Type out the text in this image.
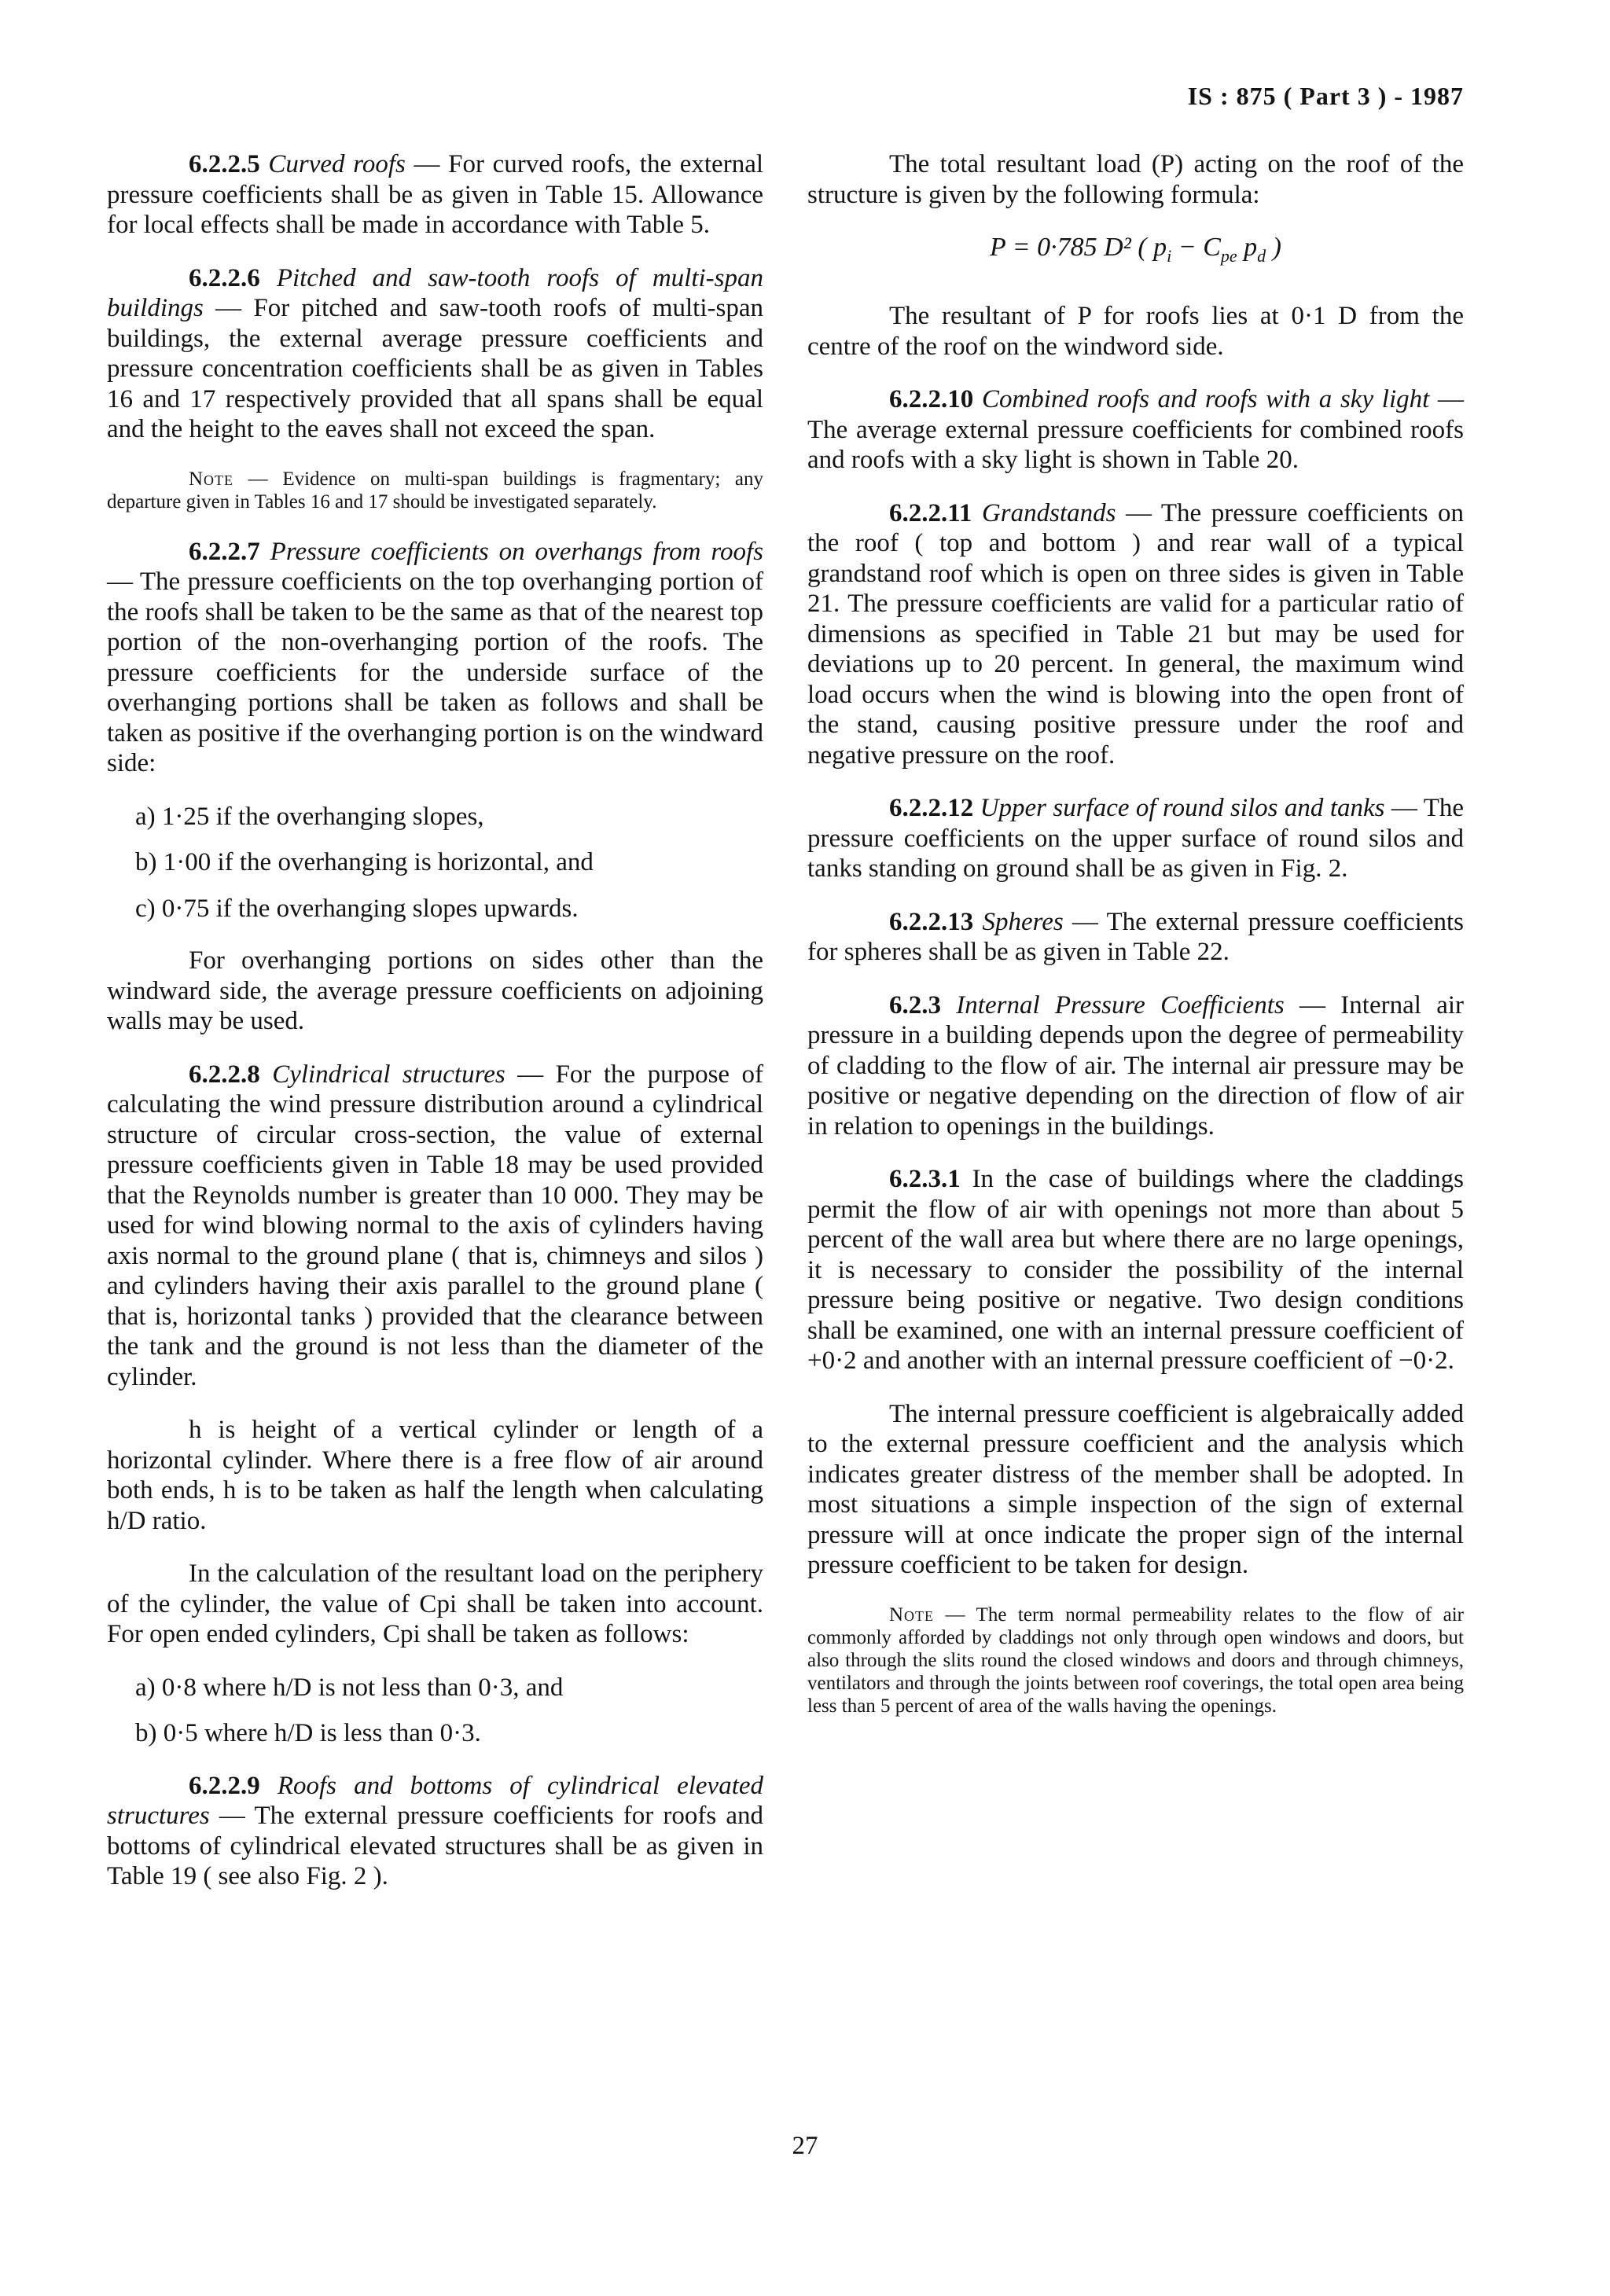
IS : 875 ( Part 3 ) - 1987

6.2.2.5 Curved roofs — For curved roofs, the external pressure coefficients shall be as given in Table 15. Allowance for local effects shall be made in accordance with Table 5.

6.2.2.6 Pitched and saw-tooth roofs of multi-span buildings — For pitched and saw-tooth roofs of multi-span buildings, the external average pressure coefficients and pressure concentration coefficients shall be as given in Tables 16 and 17 respectively provided that all spans shall be equal and the height to the eaves shall not exceed the span.

Note — Evidence on multi-span buildings is fragmentary; any departure given in Tables 16 and 17 should be investigated separately.

6.2.2.7 Pressure coefficients on overhangs from roofs — The pressure coefficients on the top overhanging portion of the roofs shall be taken to be the same as that of the nearest top portion of the non-overhanging portion of the roofs. The pressure coefficients for the underside surface of the overhanging portions shall be taken as follows and shall be taken as positive if the overhanging portion is on the windward side:

a) 1·25 if the overhanging slopes,
b) 1·00 if the overhanging is horizontal, and
c) 0·75 if the overhanging slopes upwards.

For overhanging portions on sides other than the windward side, the average pressure coefficients on adjoining walls may be used.

6.2.2.8 Cylindrical structures — For the purpose of calculating the wind pressure distribution around a cylindrical structure of circular cross-section, the value of external pressure coefficients given in Table 18 may be used provided that the Reynolds number is greater than 10 000. They may be used for wind blowing normal to the axis of cylinders having axis normal to the ground plane ( that is, chimneys and silos ) and cylinders having their axis parallel to the ground plane ( that is, horizontal tanks ) provided that the clearance between the tank and the ground is not less than the diameter of the cylinder.

h is height of a vertical cylinder or length of a horizontal cylinder. Where there is a free flow of air around both ends, h is to be taken as half the length when calculating h/D ratio.

In the calculation of the resultant load on the periphery of the cylinder, the value of Cpi shall be taken into account. For open ended cylinders, Cpi shall be taken as follows:

a) 0·8 where h/D is not less than 0·3, and
b) 0·5 where h/D is less than 0·3.

6.2.2.9 Roofs and bottoms of cylindrical elevated structures — The external pressure coefficients for roofs and bottoms of cylindrical elevated structures shall be as given in Table 19 ( see also Fig. 2 ).

The total resultant load (P) acting on the roof of the structure is given by the following formula:

P = 0·785 D² ( $p_i - C_{pe}$ $p_d$ )

The resultant of P for roofs lies at 0·1 D from the centre of the roof on the windword side.

6.2.2.10 Combined roofs and roofs with a sky light — The average external pressure coefficients for combined roofs and roofs with a sky light is shown in Table 20.

6.2.2.11 Grandstands — The pressure coefficients on the roof ( top and bottom ) and rear wall of a typical grandstand roof which is open on three sides is given in Table 21. The pressure coefficients are valid for a particular ratio of dimensions as specified in Table 21 but may be used for deviations up to 20 percent. In general, the maximum wind load occurs when the wind is blowing into the open front of the stand, causing positive pressure under the roof and negative pressure on the roof.

6.2.2.12 Upper surface of round silos and tanks — The pressure coefficients on the upper surface of round silos and tanks standing on ground shall be as given in Fig. 2.

6.2.2.13 Spheres — The external pressure coefficients for spheres shall be as given in Table 22.

6.2.3 Internal Pressure Coefficients — Internal air pressure in a building depends upon the degree of permeability of cladding to the flow of air. The internal air pressure may be positive or negative depending on the direction of flow of air in relation to openings in the buildings.

6.2.3.1 In the case of buildings where the claddings permit the flow of air with openings not more than about 5 percent of the wall area but where there are no large openings, it is necessary to consider the possibility of the internal pressure being positive or negative. Two design conditions shall be examined, one with an internal pressure coefficient of +0·2 and another with an internal pressure coefficient of −0·2.

The internal pressure coefficient is algebraically added to the external pressure coefficient and the analysis which indicates greater distress of the member shall be adopted. In most situations a simple inspection of the sign of external pressure will at once indicate the proper sign of the internal pressure coefficient to be taken for design.

Note — The term normal permeability relates to the flow of air commonly afforded by claddings not only through open windows and doors, but also through the slits round the closed windows and doors and through chimneys, ventilators and through the joints between roof coverings, the total open area being less than 5 percent of area of the walls having the openings.

27
